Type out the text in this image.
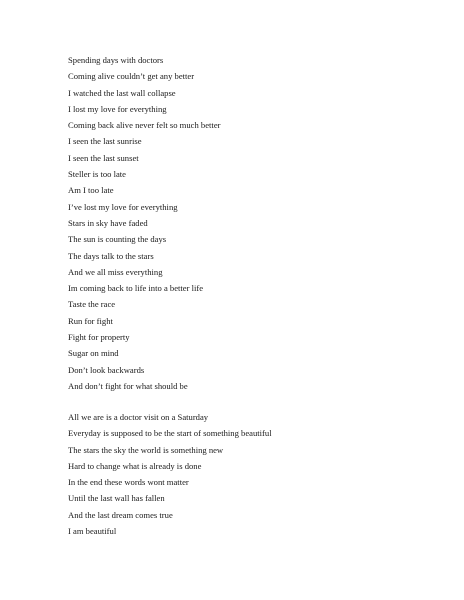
Spending days with doctors
Coming alive couldn’t get any better
I watched the last wall collapse
I lost my love for everything
Coming back alive never felt so much better
I seen the last sunrise
I seen the last sunset
Steller is too late
Am I too late
I’ve lost my love for everything
Stars in sky have faded
The sun is counting the days
The days talk to the stars
And we all miss everything
Im coming back to life into a better life
Taste the race
Run for fight
Fight for property
Sugar on mind
Don’t look backwards
And don’t fight for what should be
All we are is a doctor visit on a Saturday
Everyday is supposed to be the start of something beautiful
The stars the sky the world is something new
Hard to change what is already is done
In the end these words wont matter
Until the last wall has fallen
And the last dream comes true
I am beautiful
